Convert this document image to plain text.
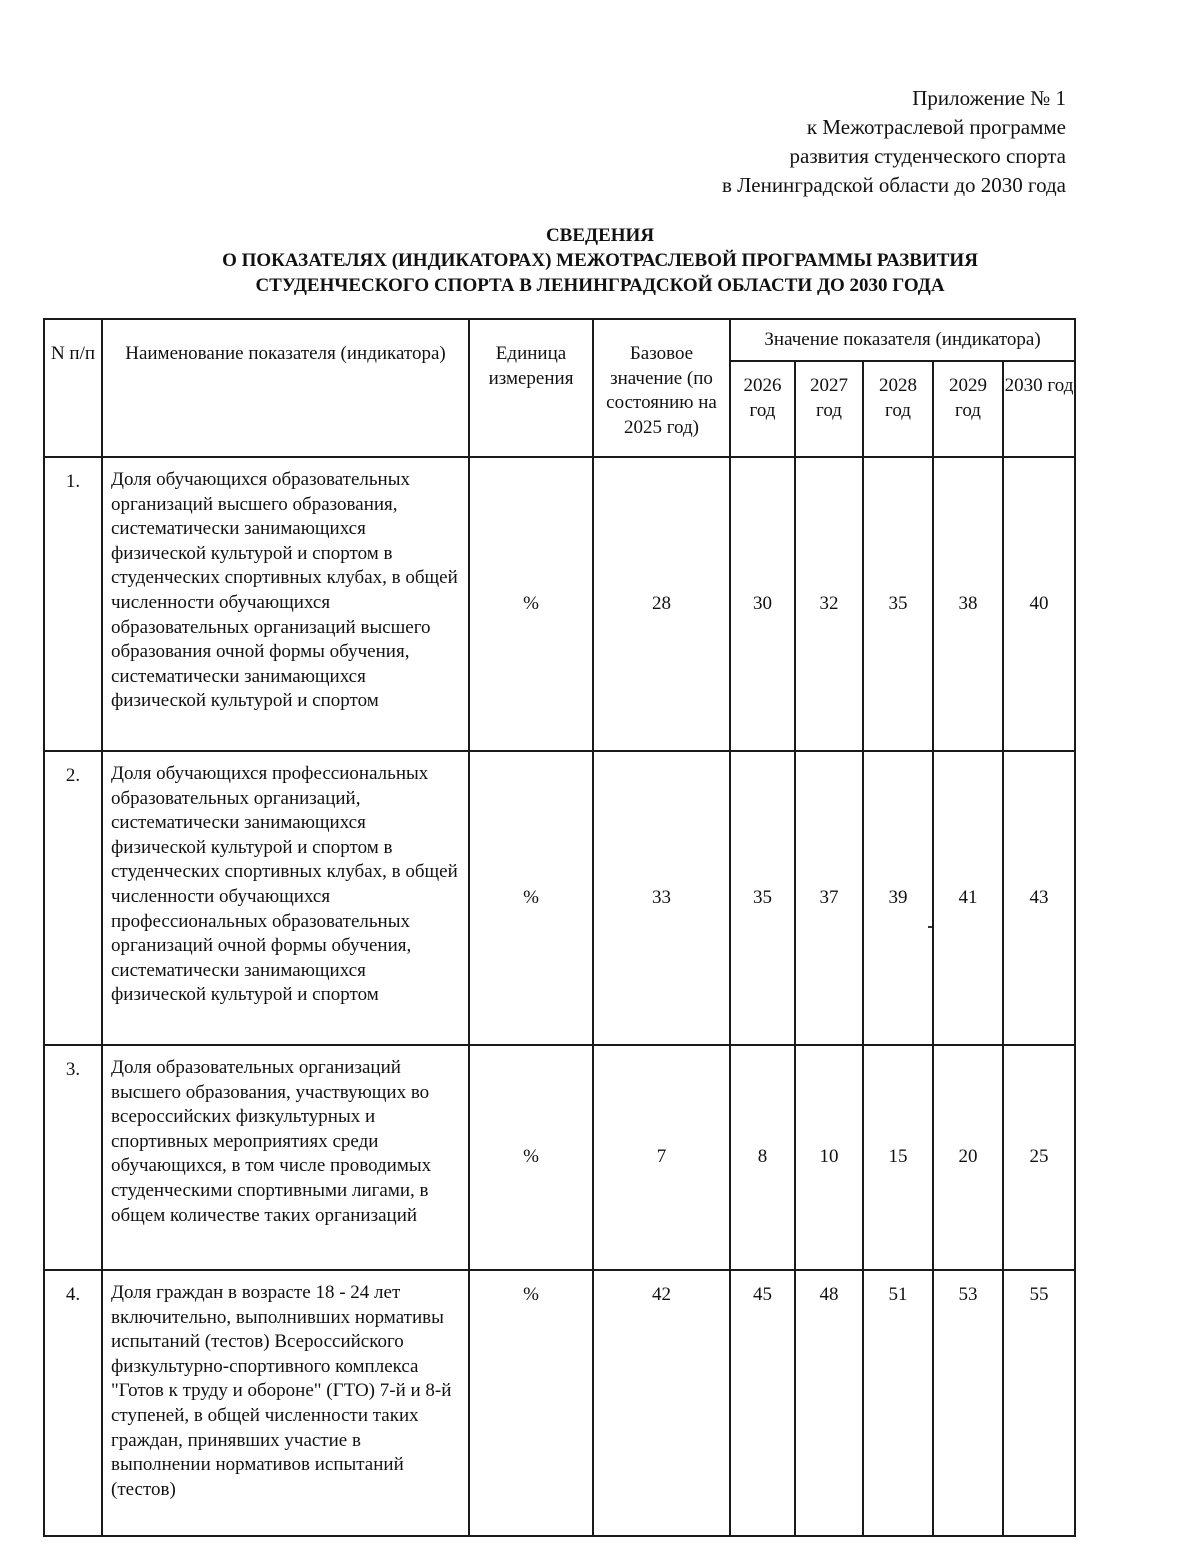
Приложение № 1
к Межотраслевой программе
развития студенческого спорта
в Ленинградской области до 2030 года
СВЕДЕНИЯ
О ПОКАЗАТЕЛЯХ (ИНДИКАТОРАХ) МЕЖОТРАСЛЕВОЙ ПРОГРАММЫ РАЗВИТИЯ
СТУДЕНЧЕСКОГО СПОРТА В ЛЕНИНГРАДСКОЙ ОБЛАСТИ ДО 2030 ГОДА
N п/п	Наименование показателя (индикатора)	Единица измерения	Базовое значение (по состоянию на 2025 год)	Значение показателя (индикатора)				
				2026 год	2027 год	2028 год	2029 год	2030 год
1.	Доля обучающихся образовательных организаций высшего образования, систематически занимающихся физической культурой и спортом в студенческих спортивных клубах, в общей численности обучающихся образовательных организаций высшего образования очной формы обучения, систематически занимающихся физической культурой и спортом	%	28	30	32	35	38	40
2.	Доля обучающихся профессиональных образовательных организаций, систематически занимающихся физической культурой и спортом в студенческих спортивных клубах, в общей численности обучающихся профессиональных образовательных организаций очной формы обучения, систематически занимающихся физической культурой и спортом	%	33	35	37	39	41	43
3.	Доля образовательных организаций высшего образования, участвующих во всероссийских физкультурных и спортивных мероприятиях среди обучающихся, в том числе проводимых студенческими спортивными лигами, в общем количестве таких организаций	%	7	8	10	15	20	25
4.	Доля граждан в возрасте 18 - 24 лет включительно, выполнивших нормативы испытаний (тестов) Всероссийского физкультурно-спортивного комплекса "Готов к труду и обороне" (ГТО) 7-й и 8-й ступеней, в общей численности таких граждан, принявших участие в выполнении нормативов испытаний (тестов)	%	42	45	48	51	53	55
